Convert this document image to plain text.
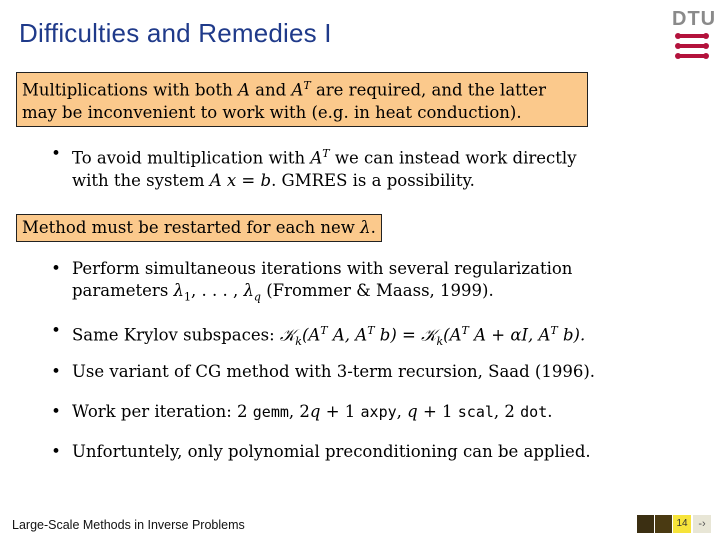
Difficulties and Remedies I	DTU
Multiplications with both A and $A^T$ are required, and the latter
may be inconvenient to work with (e.g. in heat conduction).
• To avoid multiplication with $A^T$ we can instead work directly
with the system A x = b. GMRES is a possibility.
Method must be restarted for each new λ.
• Perform simultaneous iterations with several regularization
parameters $\lambda_1$, . . . , $\lambda_q$ (Frommer & Maass, 1999).
• Same Krylov subspaces: $𝒦_k(A^T$ A, $A^T$ $b) = 𝒦_k(A^T$ A + αI, $A^T$ b).
• Use variant of CG method with 3-term recursion, Saad (1996).
• Work per iteration: 2 gemm, 2q + 1 axpy, q + 1 scal, 2 dot.
• Unfortuntely, only polynomial preconditioning can be applied.
Large-Scale Methods in Inverse Problems	14 -›
